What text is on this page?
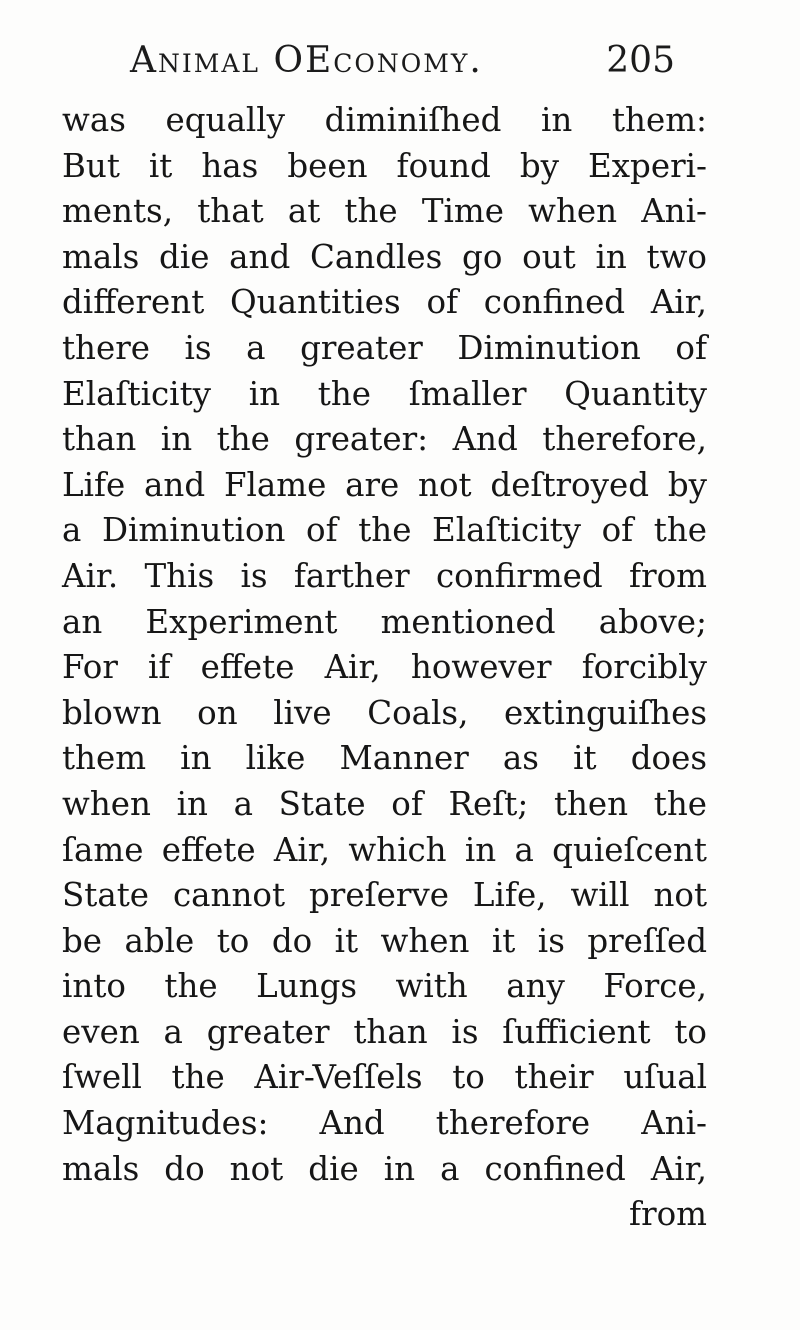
Animal OEconomy.	205
was equally diminiſhed in them:
But it has been found by Experi-
ments, that at the Time when Ani-
mals die and Candles go out in two
different Quantities of confined Air,
there is a greater Diminution of
Elaſticity in the ſmaller Quantity
than in the greater: And therefore,
Life and Flame are not deſtroyed by
a Diminution of the Elaſticity of the
Air. This is farther confirmed from
an Experiment mentioned above;
For if effete Air, however forcibly
blown on live Coals, extinguiſhes
them in like Manner as it does
when in a State of Reſt; then the
ſame effete Air, which in a quieſcent
State cannot preſerve Life, will not
be able to do it when it is preſſed
into the Lungs with any Force,
even a greater than is ſufficient to
ſwell the Air-Veſſels to their uſual
Magnitudes: And therefore Ani-
mals do not die in a confined Air,
from
